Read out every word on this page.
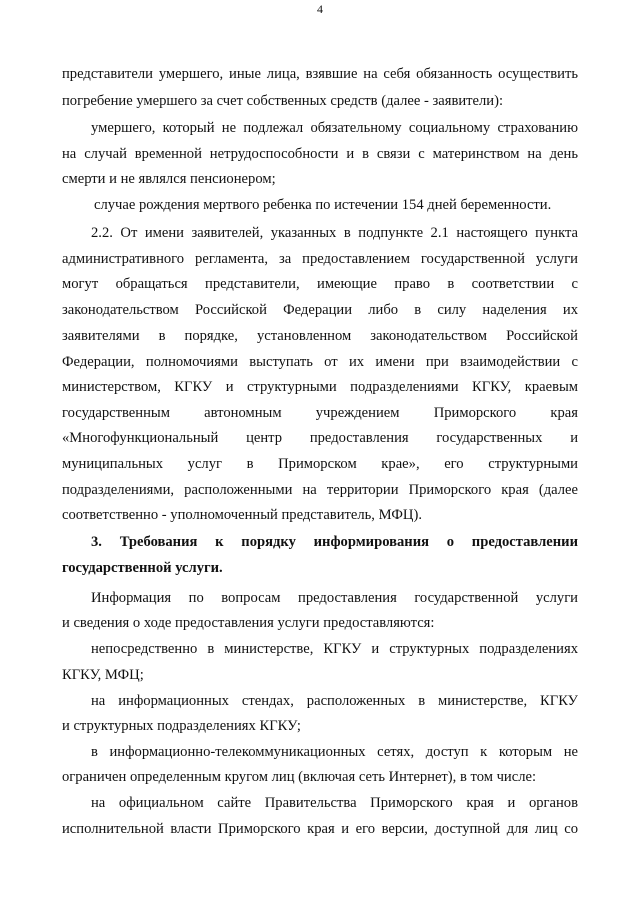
4
представители умершего, иные лица, взявшие на себя обязанность осуществить
погребение умершего за счет собственных средств (далее - заявители):
умершего, который не подлежал обязательному социальному страхованию
на случай временной нетрудоспособности и в связи с материнством на день
смерти и не являлся пенсионером;
случае рождения мертвого ребенка по истечении 154 дней беременности.
2.2. От имени заявителей, указанных в подпункте 2.1 настоящего пункта
административного регламента, за предоставлением государственной услуги
могут обращаться представители, имеющие право в соответствии с
законодательством Российской Федерации либо в силу наделения их
заявителями в порядке, установленном законодательством Российской
Федерации, полномочиями выступать от их имени при взаимодействии с
министерством, КГКУ и структурными подразделениями КГКУ, краевым
государственным автономным учреждением Приморского края
«Многофункциональный центр предоставления государственных и
муниципальных услуг в Приморском крае», его структурными
подразделениями, расположенными на территории Приморского края (далее
соответственно - уполномоченный представитель, МФЦ).
3. Требования к порядку информирования о предоставлении
государственной услуги.
Информация по вопросам предоставления государственной услуги
и сведения о ходе предоставления услуги предоставляются:
непосредственно в министерстве, КГКУ и структурных подразделениях
КГКУ, МФЦ;
на информационных стендах, расположенных в министерстве, КГКУ
и структурных подразделениях КГКУ;
в информационно-телекоммуникационных сетях, доступ к которым не
ограничен определенным кругом лиц (включая сеть Интернет), в том числе:
на официальном сайте Правительства Приморского края и органов
исполнительной власти Приморского края и его версии, доступной для лиц со
